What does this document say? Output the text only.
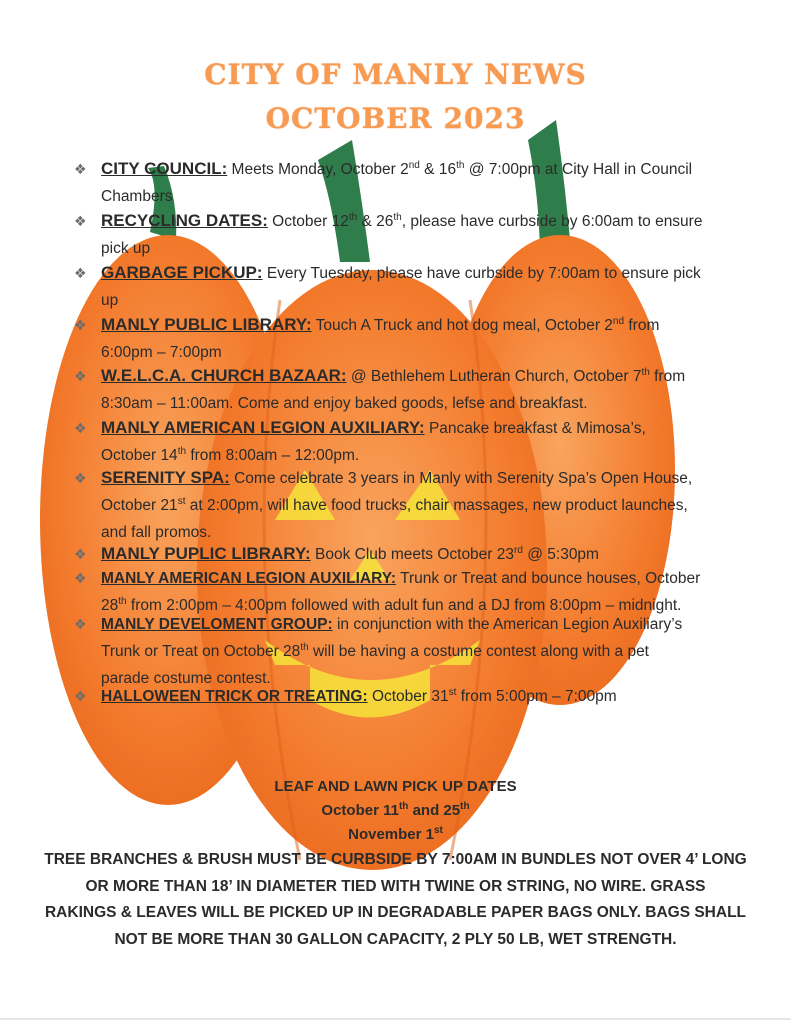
CITY OF MANLY NEWS
OCTOBER 2023
❖ CITY COUNCIL: Meets Monday, October 2nd & 16th @ 7:00pm at City Hall in Council
Chambers
❖ RECYCLING DATES: October 12th & 26th, please have curbside by 6:00am to ensure
pick up
❖ GARBAGE PICKUP: Every Tuesday, please have curbside by 7:00am to ensure pick
up
❖ MANLY PUBLIC LIBRARY: Touch A Truck and hot dog meal, October 2nd from
6:00pm – 7:00pm
❖ W.E.L.C.A. CHURCH BAZAAR: @ Bethlehem Lutheran Church, October 7th from
8:30am – 11:00am. Come and enjoy baked goods, lefse and breakfast.
❖ MANLY AMERICAN LEGION AUXILIARY: Pancake breakfast & Mimosa’s,
October 14th from 8:00am – 12:00pm.
❖ SERENITY SPA: Come celebrate 3 years in Manly with Serenity Spa’s Open House,
October 21st at 2:00pm, will have food trucks, chair massages, new product launches,
and fall promos.
❖ MANLY PUPLIC LIBRARY: Book Club meets October 23rd @ 5:30pm
❖ MANLY AMERICAN LEGION AUXILIARY: Trunk or Treat and bounce houses, October
28th from 2:00pm – 4:00pm followed with adult fun and a DJ from 8:00pm – midnight.
❖ MANLY DEVELOMENT GROUP: in conjunction with the American Legion Auxiliary’s
Trunk or Treat on October 28th will be having a costume contest along with a pet
parade costume contest.
❖ HALLOWEEN TRICK OR TREATING: October 31st from 5:00pm – 7:00pm
LEAF AND LAWN PICK UP DATES
October 11th and 25th
November 1st
TREE BRANCHES & BRUSH MUST BE CURBSIDE BY 7:00AM IN BUNDLES NOT OVER 4’ LONG
OR MORE THAN 18’ IN DIAMETER TIED WITH TWINE OR STRING, NO WIRE. GRASS
RAKINGS & LEAVES WILL BE PICKED UP IN DEGRADABLE PAPER BAGS ONLY. BAGS SHALL
NOT BE MORE THAN 30 GALLON CAPACITY, 2 PLY 50 LB, WET STRENGTH.
